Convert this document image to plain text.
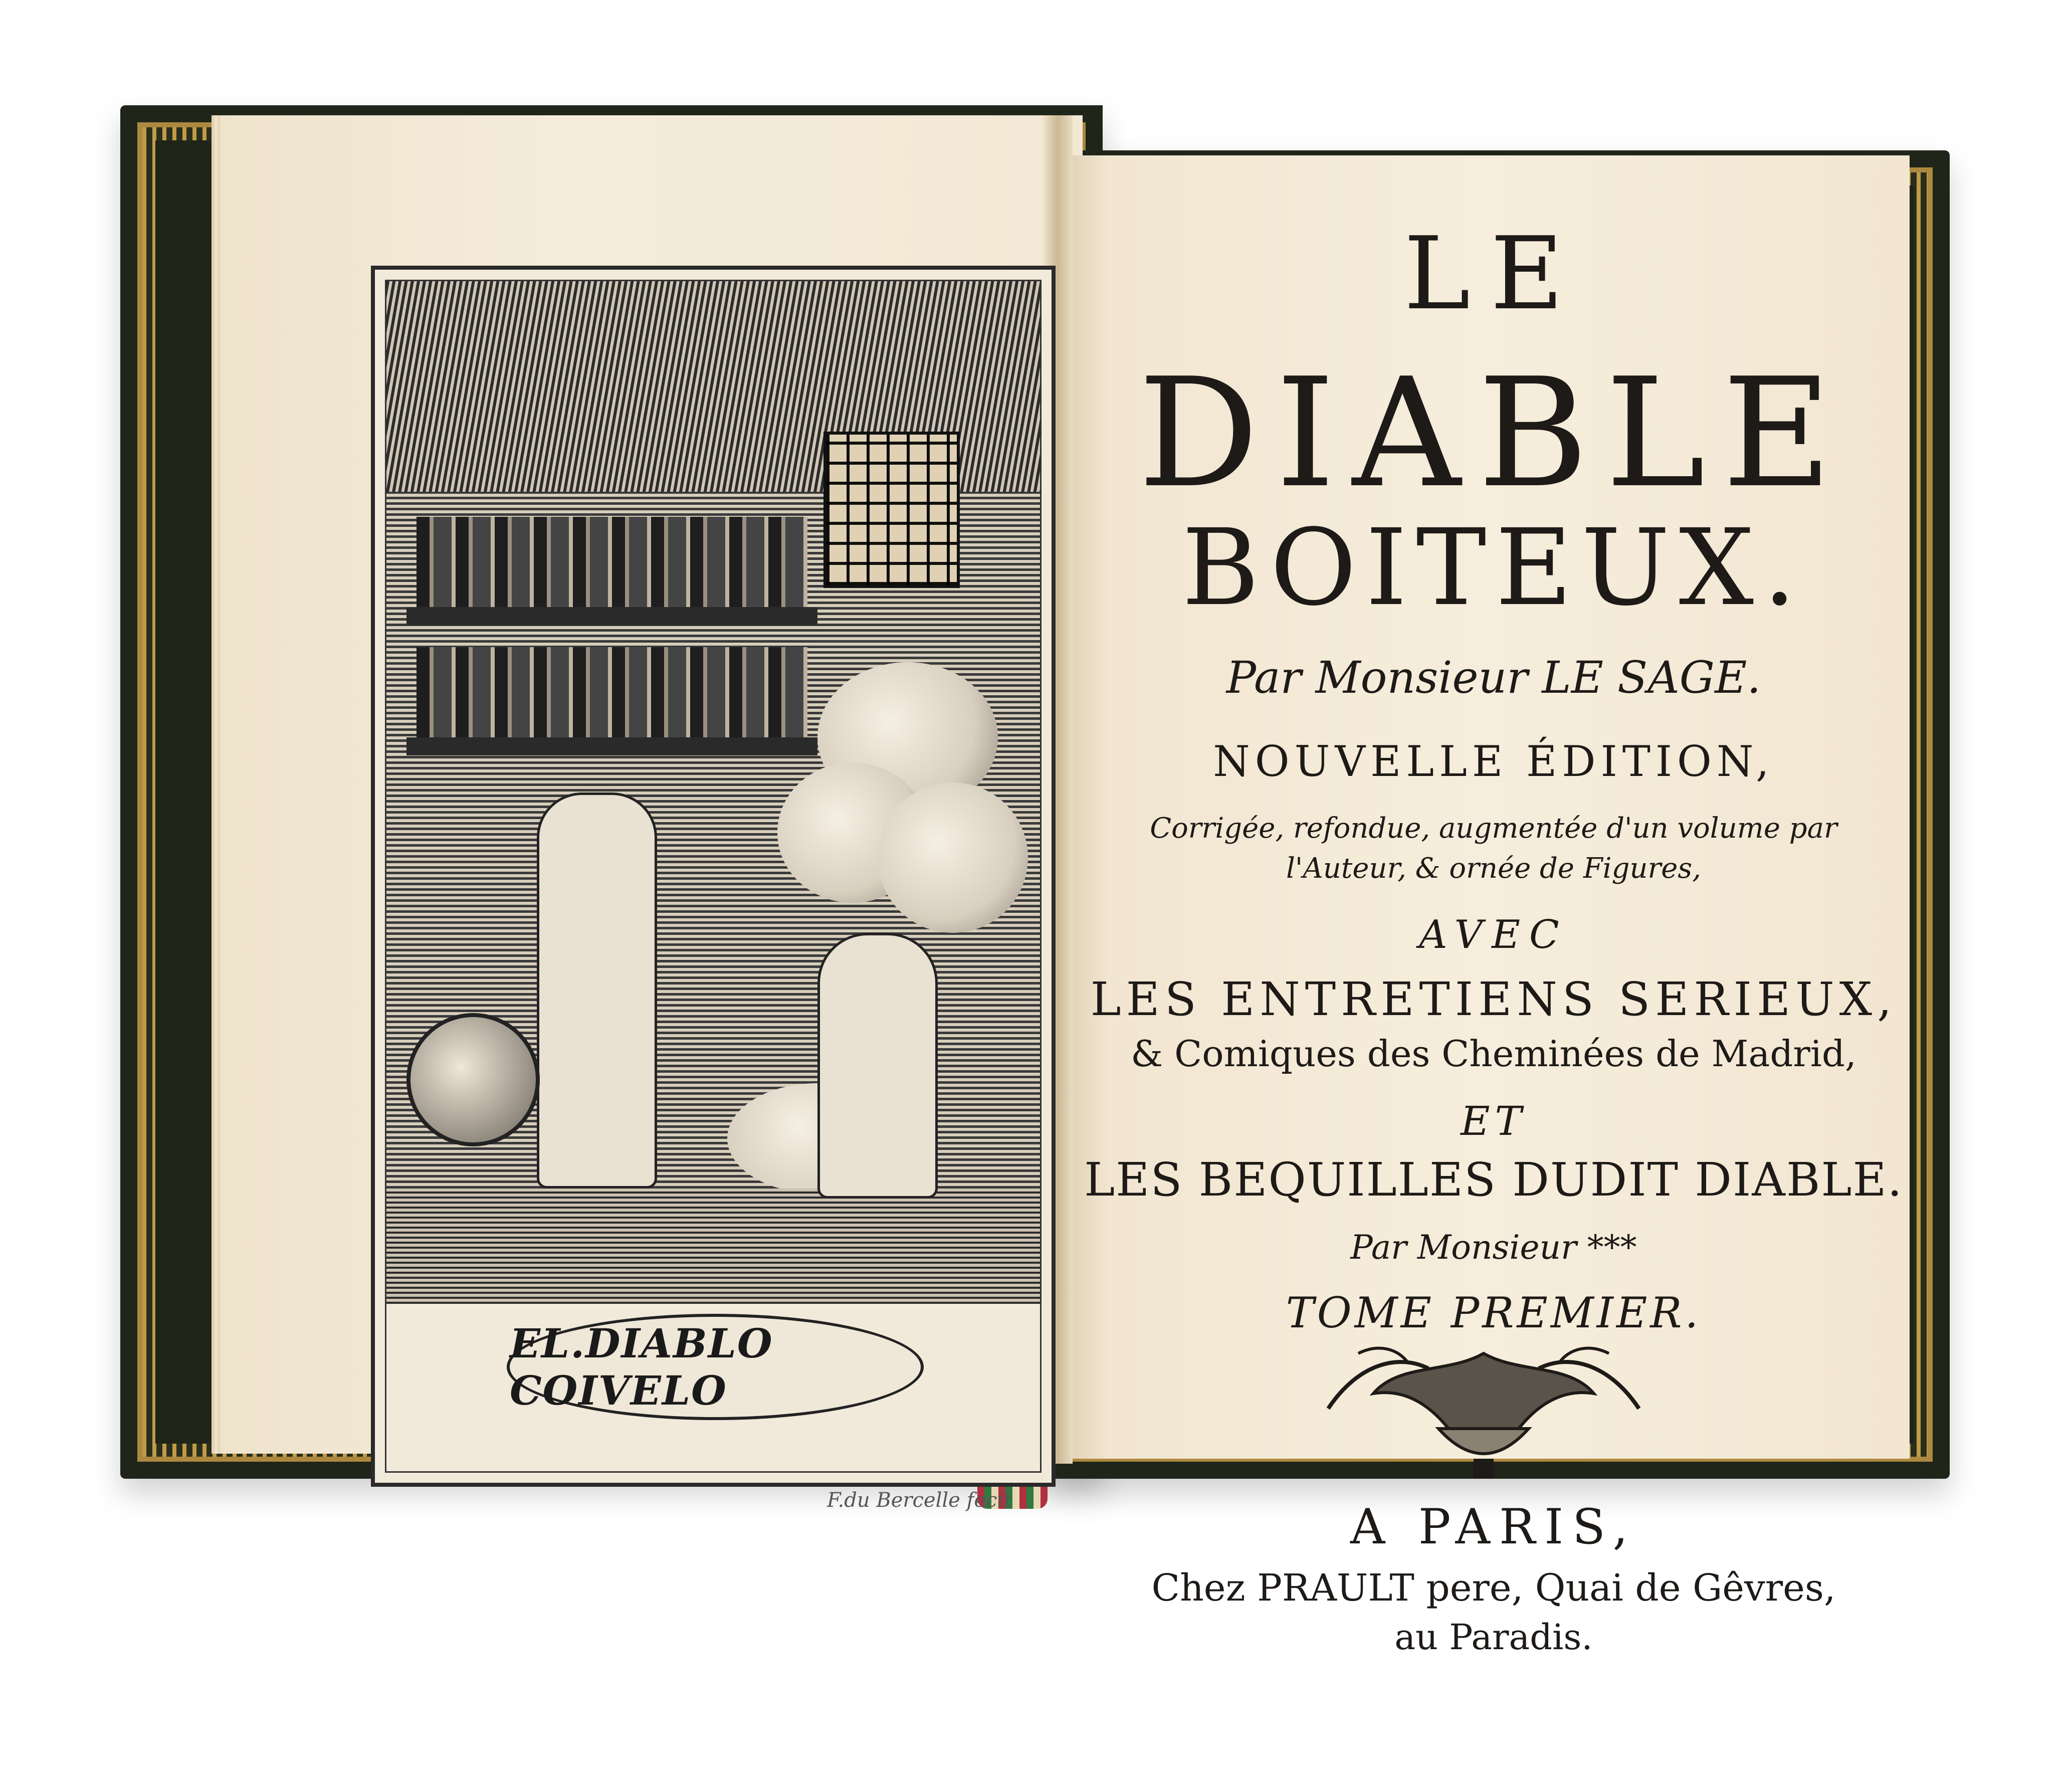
EL.DIABLO COIVELO
F.du Bercelle fecit
LE
DIABLE
BOITEUX.
Par Monsieur LE SAGE.
NOUVELLE ÉDITION,
Corrigée, refondue, augmentée d'un volume par
l'Auteur, & ornée de Figures,
AVEC
LES ENTRETIENS SERIEUX,
& Comiques des Cheminées de Madrid,
ET
LES BEQUILLES DUDIT DIABLE.
Par Monsieur ***
TOME PREMIER.
A PARIS,
Chez PRAULT pere, Quai de Gêvres,
au Paradis.
